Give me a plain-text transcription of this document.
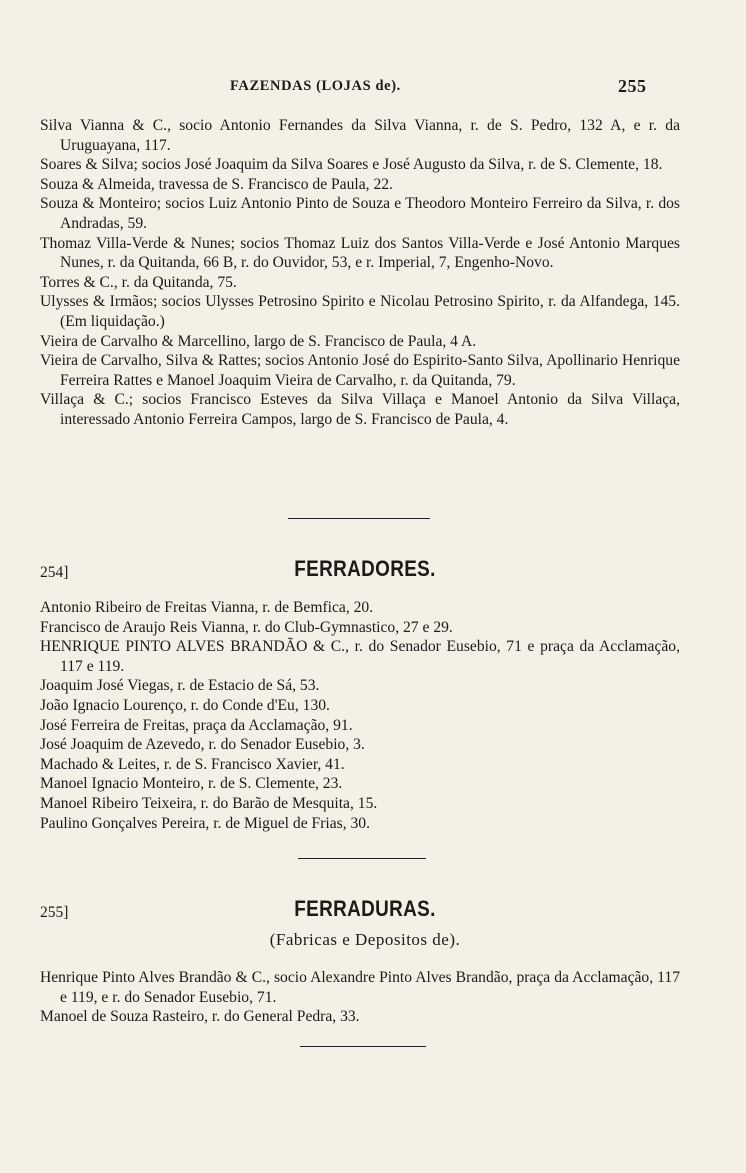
FAZENDAS (LOJAS de).	255

Silva Vianna & C., socio Antonio Fernandes da Silva Vianna, r. de S. Pedro, 132 A, e r. da Uruguayana, 117.

Soares & Silva; socios José Joaquim da Silva Soares e José Augusto da Silva, r. de S. Clemente, 18.

Souza & Almeida, travessa de S. Francisco de Paula, 22.

Souza & Monteiro; socios Luiz Antonio Pinto de Souza e Theodoro Monteiro Ferreiro da Silva, r. dos Andradas, 59.

Thomaz Villa-Verde & Nunes; socios Thomaz Luiz dos Santos Villa-Verde e José Antonio Marques Nunes, r. da Quitanda, 66 B, r. do Ouvidor, 53, e r. Imperial, 7, Engenho-Novo.

Torres & C., r. da Quitanda, 75.

Ulysses & Irmãos; socios Ulysses Petrosino Spirito e Nicolau Petrosino Spirito, r. da Alfandega, 145. (Em liquidação.)

Vieira de Carvalho & Marcellino, largo de S. Francisco de Paula, 4 A.

Vieira de Carvalho, Silva & Rattes; socios Antonio José do Espirito-Santo Silva, Apollinario Henrique Ferreira Rattes e Manoel Joaquim Vieira de Carvalho, r. da Quitanda, 79.

Villaça & C.; socios Francisco Esteves da Silva Villaça e Manoel Antonio da Silva Villaça, interessado Antonio Ferreira Campos, largo de S. Francisco de Paula, 4.

254]	FERRADORES.

Antonio Ribeiro de Freitas Vianna, r. de Bemfica, 20.

Francisco de Araujo Reis Vianna, r. do Club-Gymnastico, 27 e 29.

HENRIQUE PINTO ALVES BRANDÃO & C., r. do Senador Eusebio, 71 e praça da Acclamação, 117 e 119.

Joaquim José Viegas, r. de Estacio de Sá, 53.

João Ignacio Lourenço, r. do Conde d'Eu, 130.

José Ferreira de Freitas, praça da Acclamação, 91.

José Joaquim de Azevedo, r. do Senador Eusebio, 3.

Machado & Leites, r. de S. Francisco Xavier, 41.

Manoel Ignacio Monteiro, r. de S. Clemente, 23.

Manoel Ribeiro Teixeira, r. do Barão de Mesquita, 15.

Paulino Gonçalves Pereira, r. de Miguel de Frias, 30.

255]	FERRADURAS.
(Fabricas e Depositos de).

Henrique Pinto Alves Brandão & C., socio Alexandre Pinto Alves Brandão, praça da Acclamação, 117 e 119, e r. do Senador Eusebio, 71.

Manoel de Souza Rasteiro, r. do General Pedra, 33.
